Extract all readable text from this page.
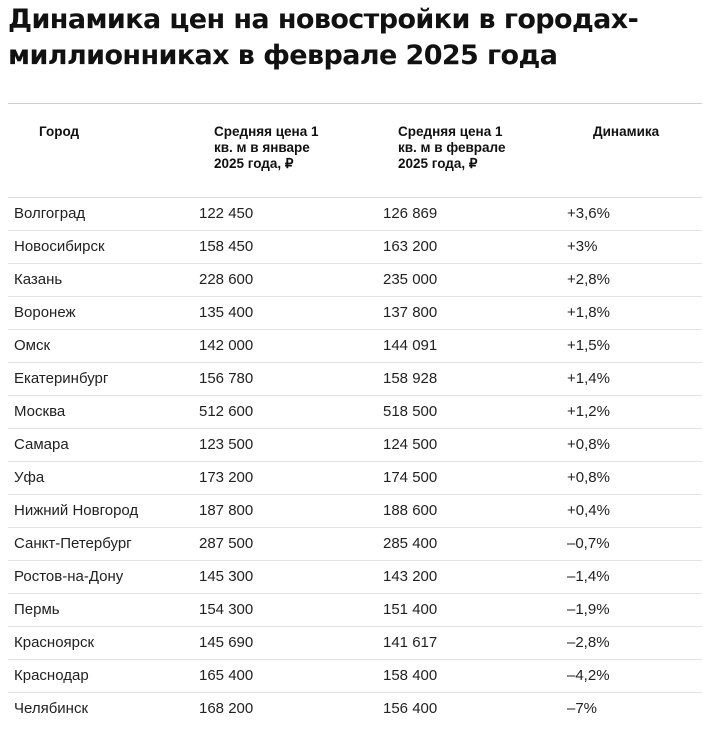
Динамика цен на новостройки в городах-миллионниках в феврале 2025 года
Город	Средняя цена 1 кв. м в январе 2025 года, ₽	Средняя цена 1 кв. м в феврале 2025 года, ₽	Динамика
Волгоград	122 450	126 869	+3,6%
Новосибирск	158 450	163 200	+3%
Казань	228 600	235 000	+2,8%
Воронеж	135 400	137 800	+1,8%
Омск	142 000	144 091	+1,5%
Екатеринбург	156 780	158 928	+1,4%
Москва	512 600	518 500	+1,2%
Самара	123 500	124 500	+0,8%
Уфа	173 200	174 500	+0,8%
Нижний Новгород	187 800	188 600	+0,4%
Санкт-Петербург	287 500	285 400	–0,7%
Ростов-на-Дону	145 300	143 200	–1,4%
Пермь	154 300	151 400	–1,9%
Красноярск	145 690	141 617	–2,8%
Краснодар	165 400	158 400	–4,2%
Челябинск	168 200	156 400	–7%
